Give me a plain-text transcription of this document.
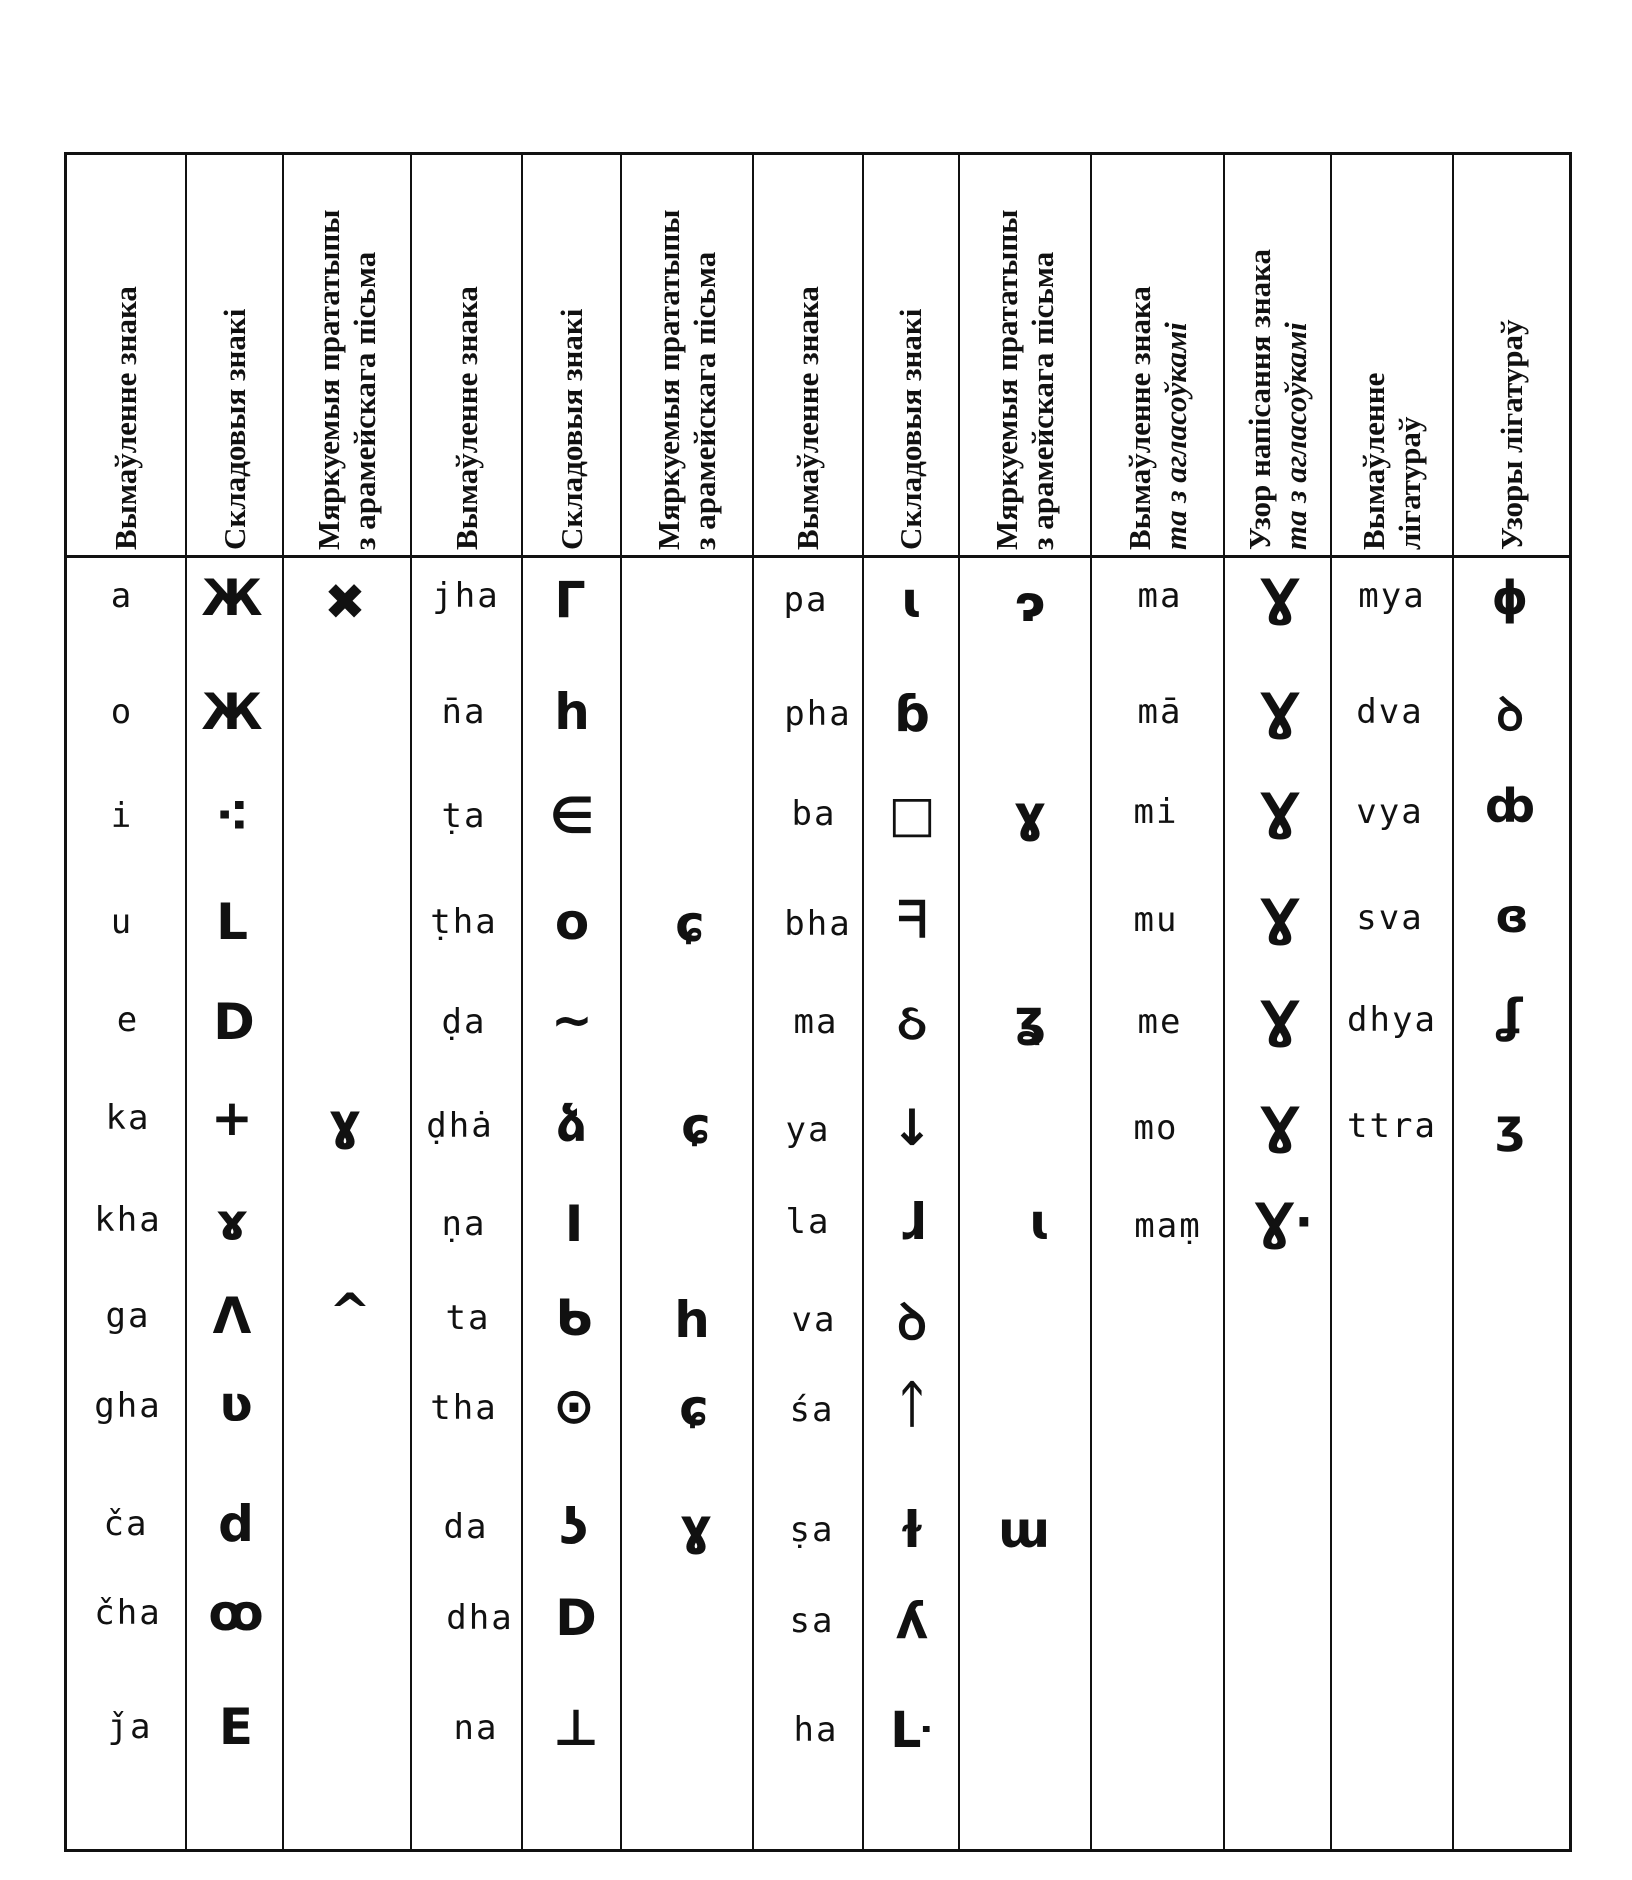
Вымаўленне знака Складовыя знакі Мяркуемыя прататыпы з арамейскага пісьма Вымаўленне знака Складовыя знакі Мяркуемыя прататыпы з арамейскага пісьма Вымаўленне знака Складовыя знакі Мяркуемыя прататыпы з арамейскага пісьма Вымаўленне знака ma з агласоўкамі Узор напісання знака ma з агласоўкамі Вымаўленне лігатураў Узоры лігатураў
a
o
i
u
e
ka
kha
ga
gha
ča
čha
ǰa
Ж
Ж
⁖
L
D
+
ɤ
Λ
ʋ
d
ꝏ
E
✖
ɣ
^
jha
n̄a
ṭa
ṭha
ḍa
ḍhȧ
ṇa
ta
tha
da
dha
na
ᒥ
h
∈
o
~
ձ
I
ᑲ
⊙
ʖ
D
⊥
ɕ
ɕ
h
ɕ
ɣ
pa
pha
ba
bha
ma
ya
la
va
śa
ṣa
sa
ha
ɩ
ɓ
□
ᖷ
ઠ
↓
ɺ
ꝺ
ᛏ
ɫ
ʎ
ᒷ
ɂ
ɣ
ʓ
ɩ
ɯ
ma
mā
mi
mu
me
mo
maṃ
Ɣ
Ɣ
Ɣ
Ɣ
Ɣ
Ɣ
Ɣ·
mya
dva
vya
sva
dhya
ttra
ɸ
ꝺ
ȸ
ɞ
ʆ
ʒ
